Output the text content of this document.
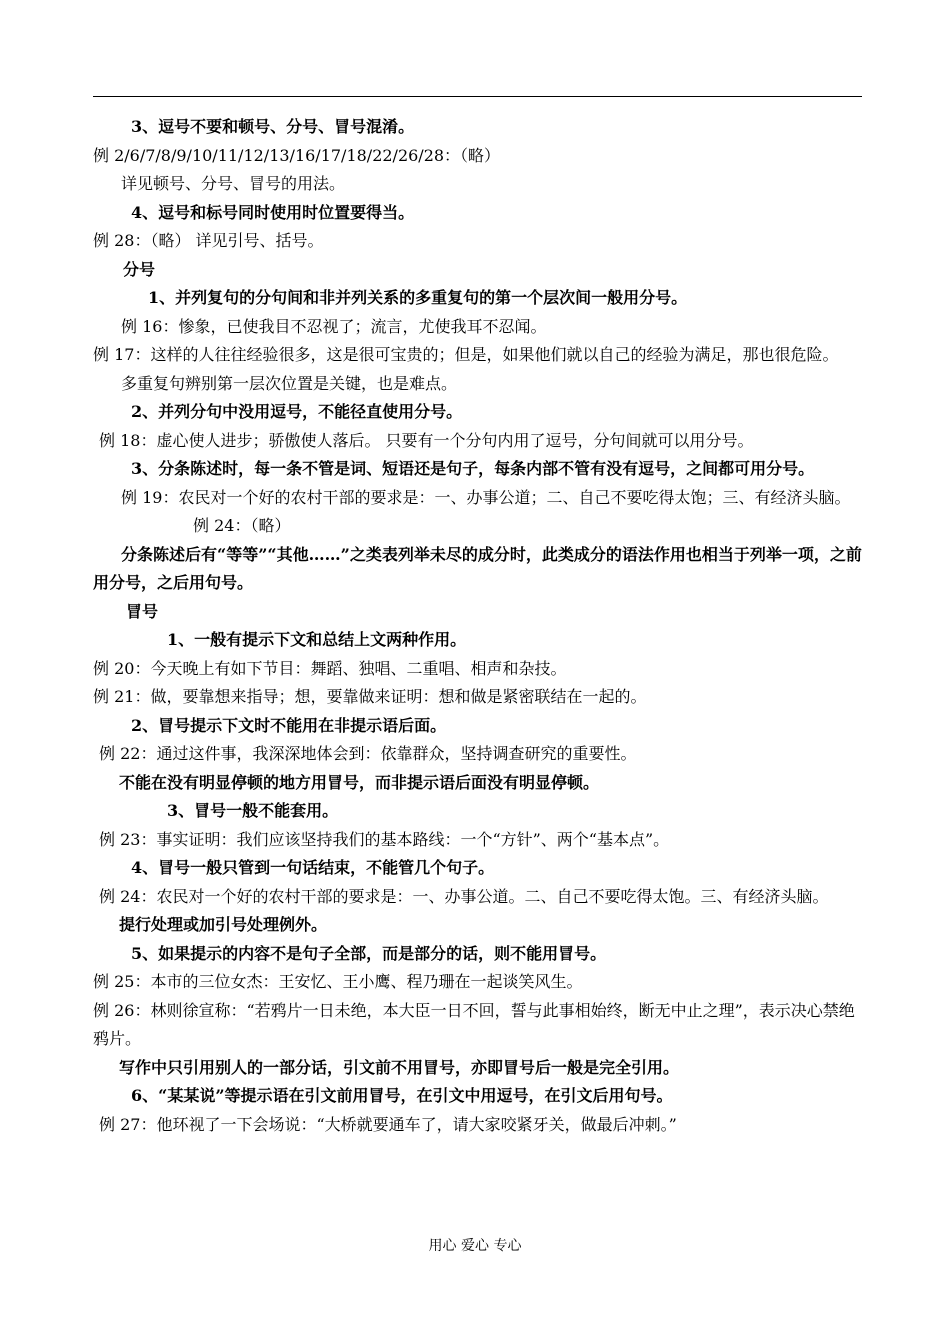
3、逗号不要和顿号、分号、冒号混淆。

例 2/6/7/8/9/10/11/12/13/16/17/18/22/26/28：（略）

详见顿号、分号、冒号的用法。

4、逗号和标号同时使用时位置要得当。

例 28：（略） 详见引号、括号。

分号

1、并列复句的分句间和非并列关系的多重复句的第一个层次间一般用分号。

例 16：惨象，已使我目不忍视了；流言，尤使我耳不忍闻。

例 17：这样的人往往经验很多，这是很可宝贵的；但是，如果他们就以自己的经验为满足，那也很危险。

多重复句辨别第一层次位置是关键，也是难点。

2、并列分句中没用逗号，不能径直使用分号。

例 18：虚心使人进步；骄傲使人落后。 只要有一个分句内用了逗号，分句间就可以用分号。

3、分条陈述时，每一条不管是词、短语还是句子，每条内部不管有没有逗号，之间都可用分号。

例 19：农民对一个好的农村干部的要求是：一、办事公道；二、自己不要吃得太饱；三、有经济头脑。例 24：（略）

分条陈述后有“等等”“其他……”之类表列举未尽的成分时，此类成分的语法作用也相当于列举一项，之前用分号，之后用句号。

冒号

1、一般有提示下文和总结上文两种作用。

例 20：今天晚上有如下节目：舞蹈、独唱、二重唱、相声和杂技。

例 21：做，要靠想来指导；想，要靠做来证明：想和做是紧密联结在一起的。

2、冒号提示下文时不能用在非提示语后面。

例 22：通过这件事，我深深地体会到：依靠群众，坚持调查研究的重要性。

不能在没有明显停顿的地方用冒号，而非提示语后面没有明显停顿。

3、冒号一般不能套用。

例 23：事实证明：我们应该坚持我们的基本路线：一个“方针”、两个“基本点”。

4、冒号一般只管到一句话结束，不能管几个句子。

例 24：农民对一个好的农村干部的要求是：一、办事公道。二、自己不要吃得太饱。三、有经济头脑。

提行处理或加引号处理例外。

5、如果提示的内容不是句子全部，而是部分的话，则不能用冒号。

例 25：本市的三位女杰：王安忆、王小鹰、程乃珊在一起谈笑风生。

例 26：林则徐宣称：“若鸦片一日未绝，本大臣一日不回，誓与此事相始终，断无中止之理”，表示决心禁绝鸦片。

写作中只引用别人的一部分话，引文前不用冒号，亦即冒号后一般是完全引用。

6、“某某说”等提示语在引文前用冒号，在引文中用逗号，在引文后用句号。

例 27：他环视了一下会场说：“大桥就要通车了，请大家咬紧牙关，做最后冲刺。”

用心 爱心 专心
